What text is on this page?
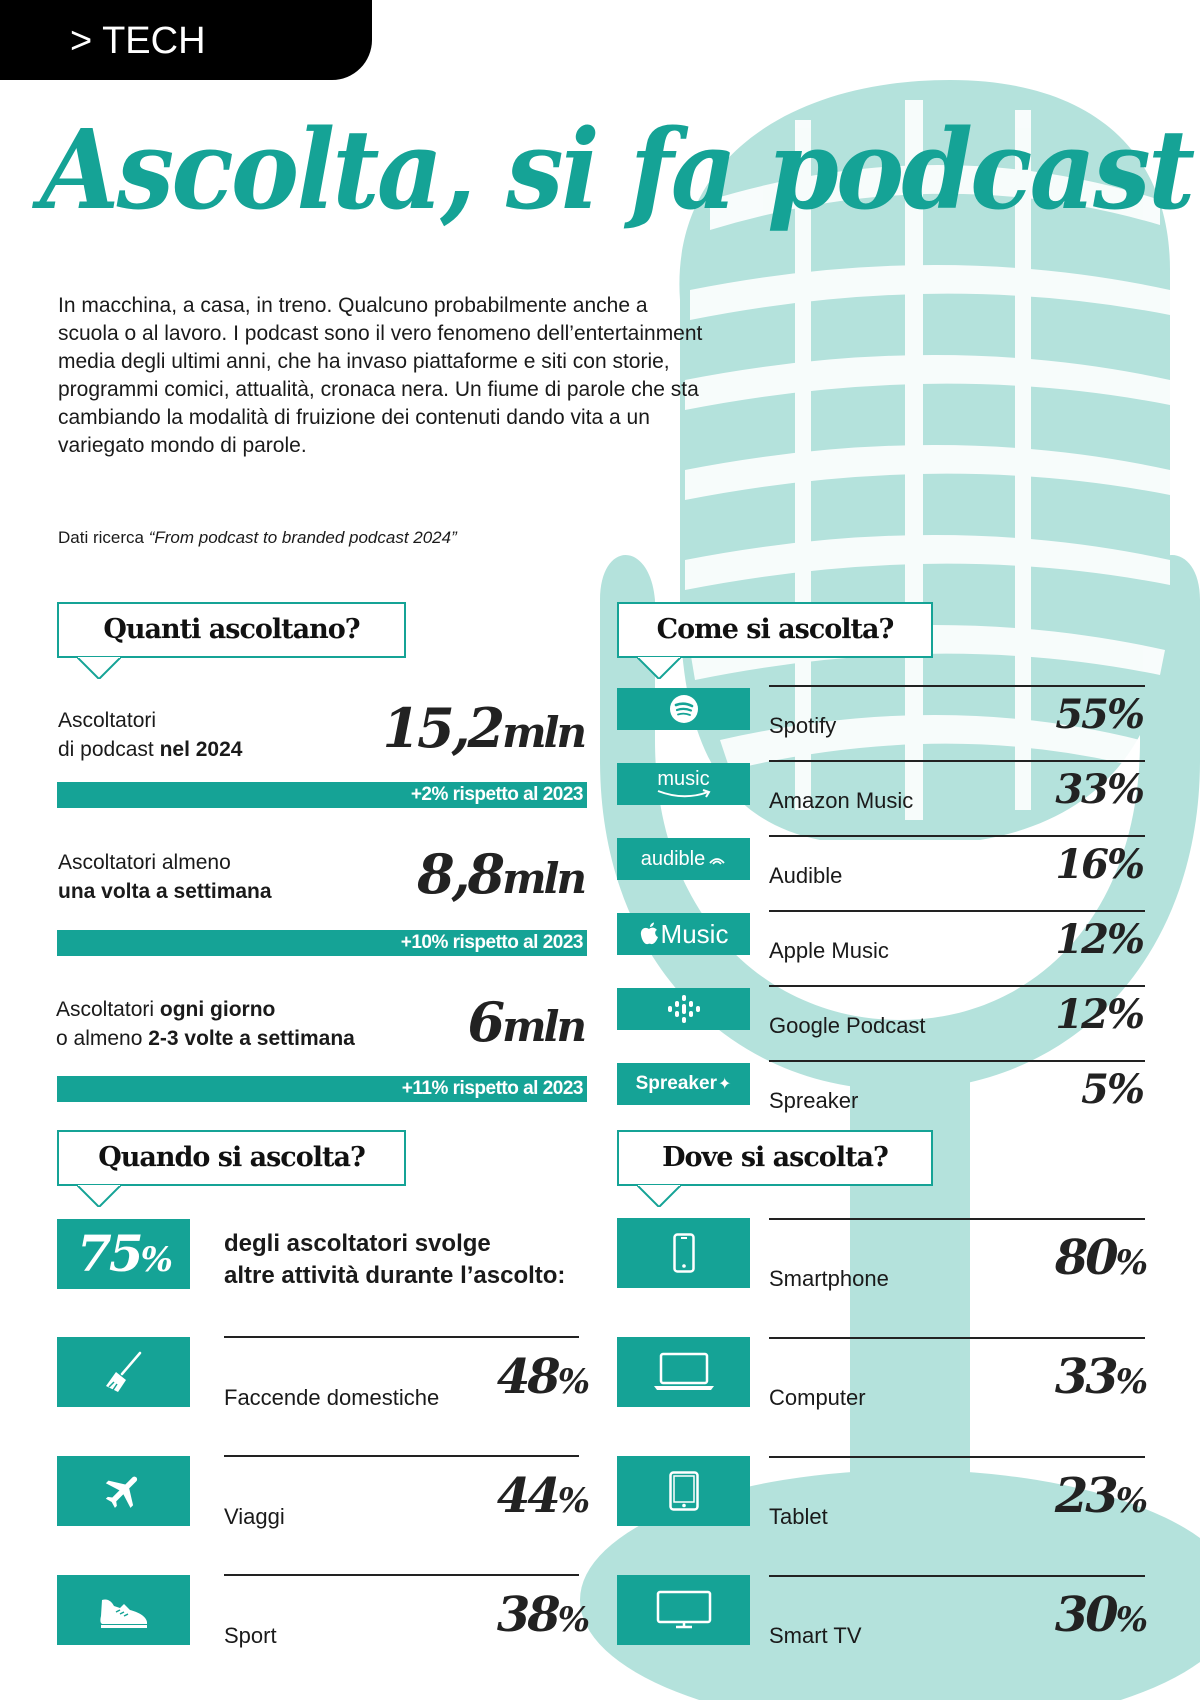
> TECH
Ascolta, si fa podcast

In macchina, a casa, in treno. Qualcuno probabilmente anche a scuola o al lavoro. I podcast sono il vero fenomeno dell’entertainment media degli ultimi anni, che ha invaso piattaforme e siti con storie, programmi comici, attualità, cronaca nera. Un fiume di parole che sta cambiando la modalità di fruizione dei contenuti dando vita a un variegato mondo di parole.

Dati ricerca “From podcast to branded podcast 2024”
Quanti ascoltano?
Ascoltatori
di podcast nel 2024	15,2mln
+2% rispetto al 2023
Ascoltatori almeno
una volta a settimana	8,8mln
+10% rispetto al 2023
Ascoltatori ogni giorno
o almeno 2-3 volte a settimana 6mln
+11% rispetto al 2023
Come si ascolta?
Spotify	55%
music
Amazon Music	33%
audible
Audible	16%
Music
Apple Music	12%
Google Podcast	12%
Spreaker ✦
Spreaker	5%
Quando si ascolta?
75%	degli ascoltatori svolge
altre attività durante l’ascolto:
Faccende domestiche 48%
Viaggi	44%
Sport	38%
Dove si ascolta?
Smartphone	80%
Computer	33%
Tablet	23%
Smart TV	30%
